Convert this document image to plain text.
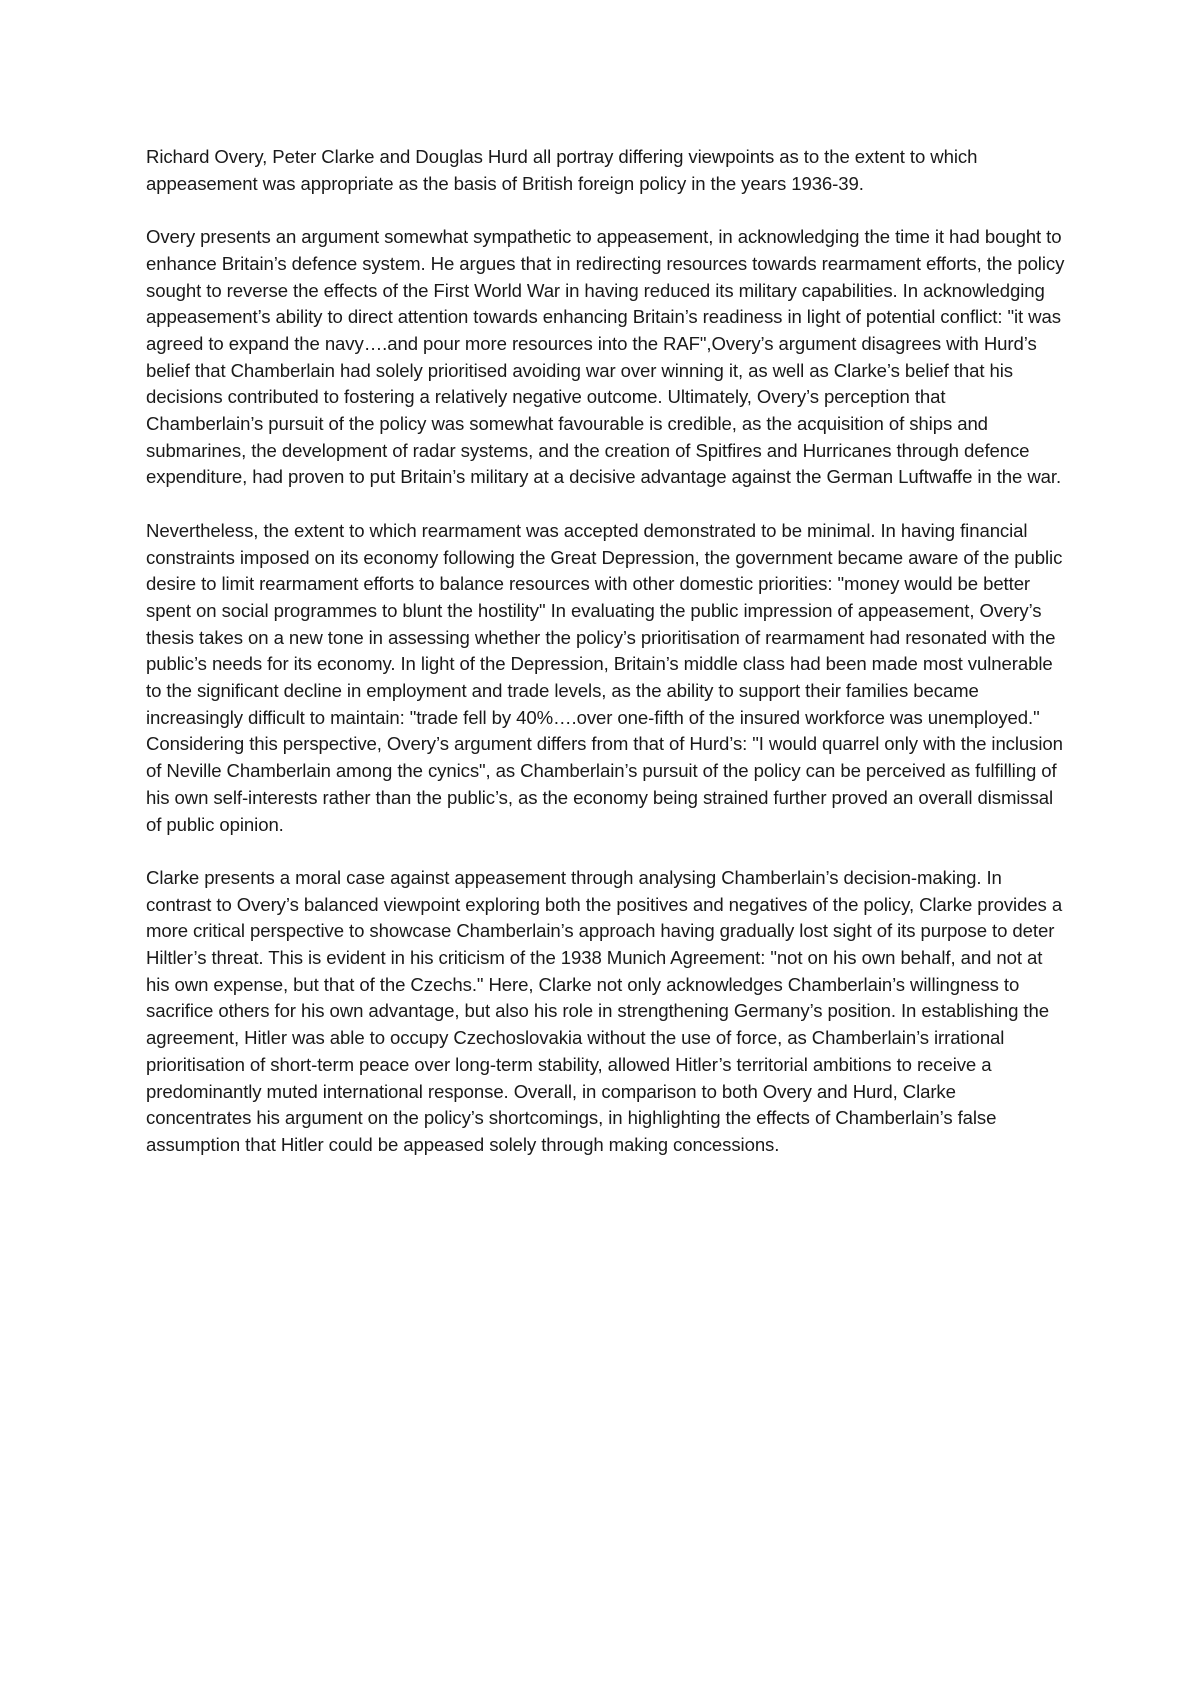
Richard Overy, Peter Clarke and Douglas Hurd all portray differing viewpoints as to the extent to which appeasement was appropriate as the basis of British foreign policy in the years 1936-39.

Overy presents an argument somewhat sympathetic to appeasement, in acknowledging the time it had bought to enhance Britain’s defence system. He argues that in redirecting resources towards rearmament efforts, the policy sought to reverse the effects of the First World War in having reduced its military capabilities. In acknowledging appeasement’s ability to direct attention towards enhancing Britain’s readiness in light of potential conflict: "it was agreed to expand the navy….and pour more resources into the RAF",Overy’s argument disagrees with Hurd’s belief that Chamberlain had solely prioritised avoiding war over winning it, as well as Clarke’s belief that his decisions contributed to fostering a relatively negative outcome. Ultimately, Overy’s perception that Chamberlain’s pursuit of the policy was somewhat favourable is credible, as the acquisition of ships and submarines, the development of radar systems, and the creation of Spitfires and Hurricanes through defence expenditure, had proven to put Britain’s military at a decisive advantage against the German Luftwaffe in the war.

Nevertheless, the extent to which rearmament was accepted demonstrated to be minimal. In having financial constraints imposed on its economy following the Great Depression, the government became aware of the public desire to limit rearmament efforts to balance resources with other domestic priorities: "money would be better spent on social programmes to blunt the hostility" In evaluating the public impression of appeasement, Overy’s thesis takes on a new tone in assessing whether the policy’s prioritisation of rearmament had resonated with the public’s needs for its economy. In light of the Depression, Britain’s middle class had been made most vulnerable to the significant decline in employment and trade levels, as the ability to support their families became increasingly difficult to maintain: "trade fell by 40%….over one-fifth of the insured workforce was unemployed." Considering this perspective, Overy’s argument differs from that of Hurd’s: "I would quarrel only with the inclusion of Neville Chamberlain among the cynics", as Chamberlain’s pursuit of the policy can be perceived as fulfilling of his own self-interests rather than the public’s, as the economy being strained further proved an overall dismissal of public opinion.

Clarke presents a moral case against appeasement through analysing Chamberlain’s decision-making. In contrast to Overy’s balanced viewpoint exploring both the positives and negatives of the policy, Clarke provides a more critical perspective to showcase Chamberlain’s approach having gradually lost sight of its purpose to deter Hiltler’s threat. This is evident in his criticism of the 1938 Munich Agreement: "not on his own behalf, and not at his own expense, but that of the Czechs." Here, Clarke not only acknowledges Chamberlain’s willingness to sacrifice others for his own advantage, but also his role in strengthening Germany’s position. In establishing the agreement, Hitler was able to occupy Czechoslovakia without the use of force, as Chamberlain’s irrational prioritisation of short-term peace over long-term stability, allowed Hitler’s territorial ambitions to receive a predominantly muted international response. Overall, in comparison to both Overy and Hurd, Clarke concentrates his argument on the policy’s shortcomings, in highlighting the effects of Chamberlain’s false assumption that Hitler could be appeased solely through making concessions.
